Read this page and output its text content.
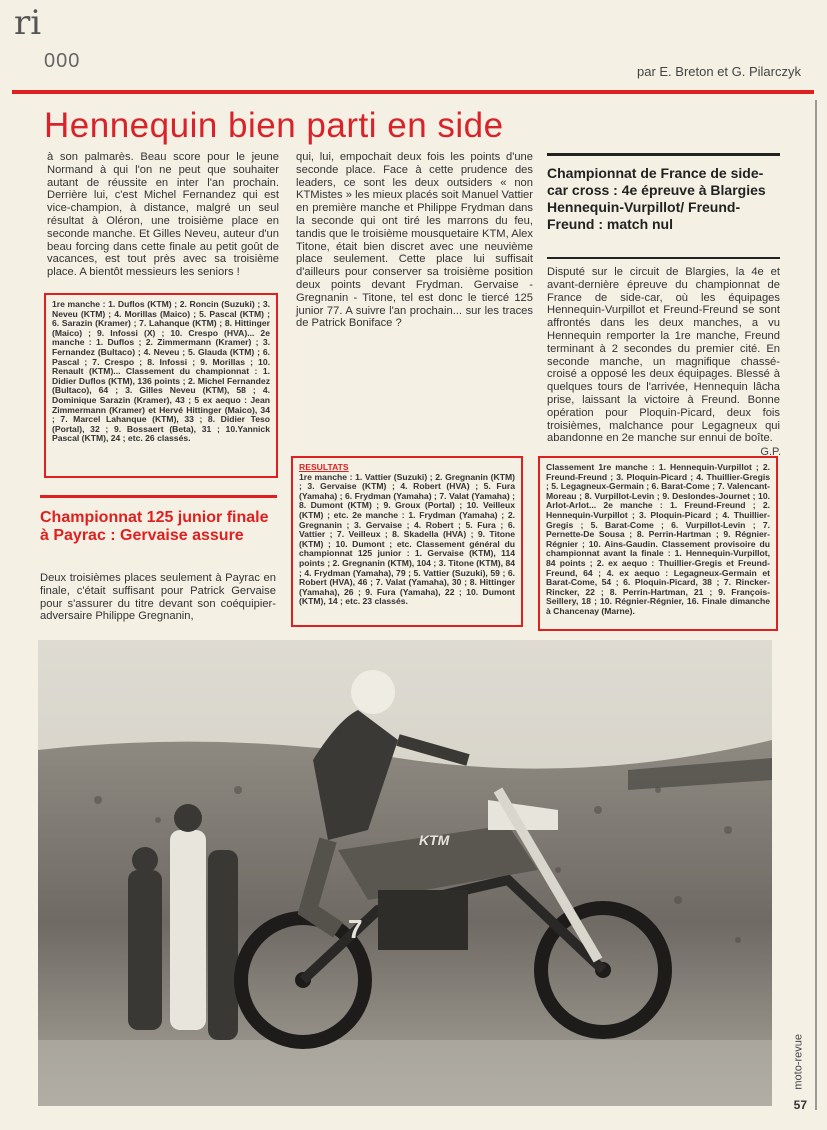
ri
000	par E. Breton et G. Pilarczyk
Hennequin bien parti en side
à son palmarès. Beau score pour le jeune Normand à qui l'on ne peut que souhaiter autant de réussite en inter l'an prochain. Derrière lui, c'est Michel Fernandez qui est vice-champion, à distance, malgré un seul résultat à Oléron, une troisième place en seconde manche. Et Gilles Neveu, auteur d'un beau forcing dans cette finale au petit goût de vacances, est tout près avec sa troisième place. A bientôt messieurs les seniors !
1re manche : 1. Duflos (KTM) ; 2. Roncin (Suzuki) ; 3. Neveu (KTM) ; 4. Morillas (Maico) ; 5. Pascal (KTM) ; 6. Sarazin (Kramer) ; 7. Lahanque (KTM) ; 8. Hittinger (Maico) ; 9. Infossi (X) ; 10. Crespo (HVA)... 2e manche : 1. Duflos ; 2. Zimmermann (Kramer) ; 3. Fernandez (Bultaco) ; 4. Neveu ; 5. Glauda (KTM) ; 6. Pascal ; 7. Crespo ; 8. Infossi ; 9. Morillas ; 10. Renault (KTM)... Classement du championnat : 1. Didier Duflos (KTM), 136 points ; 2. Michel Fernandez (Bultaco), 64 ; 3. Gilles Neveu (KTM), 58 ; 4. Dominique Sarazin (Kramer), 43 ; 5 ex aequo : Jean Zimmermann (Kramer) et Hervé Hittinger (Maico), 34 ; 7. Marcel Lahanque (KTM), 33 ; 8. Didier Teso (Portal), 32 ; 9. Bossaert (Beta), 31 ; 10.Yannick Pascal (KTM), 24 ; etc. 26 classés.
Championnat 125 junior finale à Payrac : Gervaise assure
Deux troisièmes places seulement à Payrac en finale, c'était suffisant pour Patrick Gervaise pour s'assurer du titre devant son coéquipier-adversaire Philippe Gregnanin,
qui, lui, empochait deux fois les points d'une seconde place. Face à cette prudence des leaders, ce sont les deux outsiders « non KTMistes » les mieux placés soit Manuel Vattier en première manche et Philippe Frydman dans la seconde qui ont tiré les marrons du feu, tandis que le troisième mousquetaire KTM, Alex Titone, était bien discret avec une neuvième place seulement. Cette place lui suffisait d'ailleurs pour conserver sa troisième position deux points devant Frydman. Gervaise - Gregnanin - Titone, tel est donc le tiercé 125 junior 77. A suivre l'an prochain... sur les traces de Patrick Boniface ?
RESULTATS
1re manche : 1. Vattier (Suzuki) ; 2. Gregnanin (KTM) ; 3. Gervaise (KTM) ; 4. Robert (HVA) ; 5. Fura (Yamaha) ; 6. Frydman (Yamaha) ; 7. Valat (Yamaha) ; 8. Dumont (KTM) ; 9. Groux (Portal) ; 10. Veilleux (KTM) ; etc. 2e manche : 1. Frydman (Yamaha) ; 2. Gregnanin ; 3. Gervaise ; 4. Robert ; 5. Fura ; 6. Vattier ; 7. Veilleux ; 8. Skadella (HVA) ; 9. Titone (KTM) ; 10. Dumont ; etc. Classement général du championnat 125 junior : 1. Gervaise (KTM), 114 points ; 2. Gregnanin (KTM), 104 ; 3. Titone (KTM), 84 ; 4. Frydman (Yamaha), 79 ; 5. Vattier (Suzuki), 59 ; 6. Robert (HVA), 46 ; 7. Valat (Yamaha), 30 ; 8. Hittinger (Yamaha), 26 ; 9. Fura (Yamaha), 22 ; 10. Dumont (KTM), 14 ; etc. 23 classés.
Championnat de France de side-car cross : 4e épreuve à Blargies Hennequin-Vurpillot/ Freund-Freund : match nul
Disputé sur le circuit de Blargies, la 4e et avant-dernière épreuve du championnat de France de side-car, où les équipages Hennequin-Vurpillot et Freund-Freund se sont affrontés dans les deux manches, a vu Hennequin remporter la 1re manche, Freund terminant à 2 secondes du premier cité. En seconde manche, un magnifique chassé-croisé a opposé les deux équipages. Blessé à quelques tours de l'arrivée, Hennequin lâcha prise, laissant la victoire à Freund. Bonne opération pour Ploquin-Picard, deux fois troisièmes, malchance pour Legagneux qui abandonne en 2e manche sur ennui de boîte.
G.P.
Classement 1re manche : 1. Hennequin-Vurpillot ; 2. Freund-Freund ; 3. Ploquin-Picard ; 4. Thuillier-Gregis ; 5. Legagneux-Germain ; 6. Barat-Come ; 7. Valencant-Moreau ; 8. Vurpillot-Levin ; 9. Deslondes-Journet ; 10. Arlot-Arlot... 2e manche : 1. Freund-Freund ; 2. Hennequin-Vurpillot ; 3. Ploquin-Picard ; 4. Thuillier-Gregis ; 5. Barat-Come ; 6. Vurpillot-Levin ; 7. Pernette-De Sousa ; 8. Perrin-Hartman ; 9. Régnier-Régnier ; 10. Ains-Gaudin. Classement provisoire du championnat avant la finale : 1. Hennequin-Vurpillot, 84 points ; 2. ex aequo : Thuillier-Gregis et Freund-Freund, 64 ; 4. ex aequo : Legagneux-Germain et Barat-Come, 54 ; 6. Ploquin-Picard, 38 ; 7. Rincker-Rincker, 22 ; 8. Perrin-Hartman, 21 ; 9. François-Seillery, 18 ; 10. Régnier-Régnier, 16. Finale dimanche à Chancenay (Marne).
KTM
7
moto-revue
57
